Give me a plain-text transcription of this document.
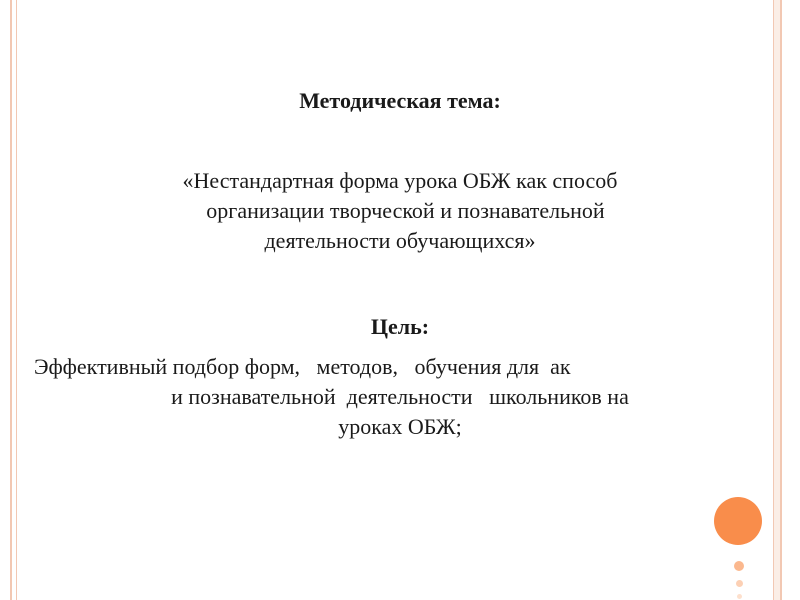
Методическая тема:
«Нестандартная форма урока ОБЖ как способ
организации творческой и познавательной
деятельности обучающихся»
Цель:
Эффективный подбор форм,   методов,   обучения для  ак
и познавательной  деятельности   школьников на
уроках ОБЖ;
